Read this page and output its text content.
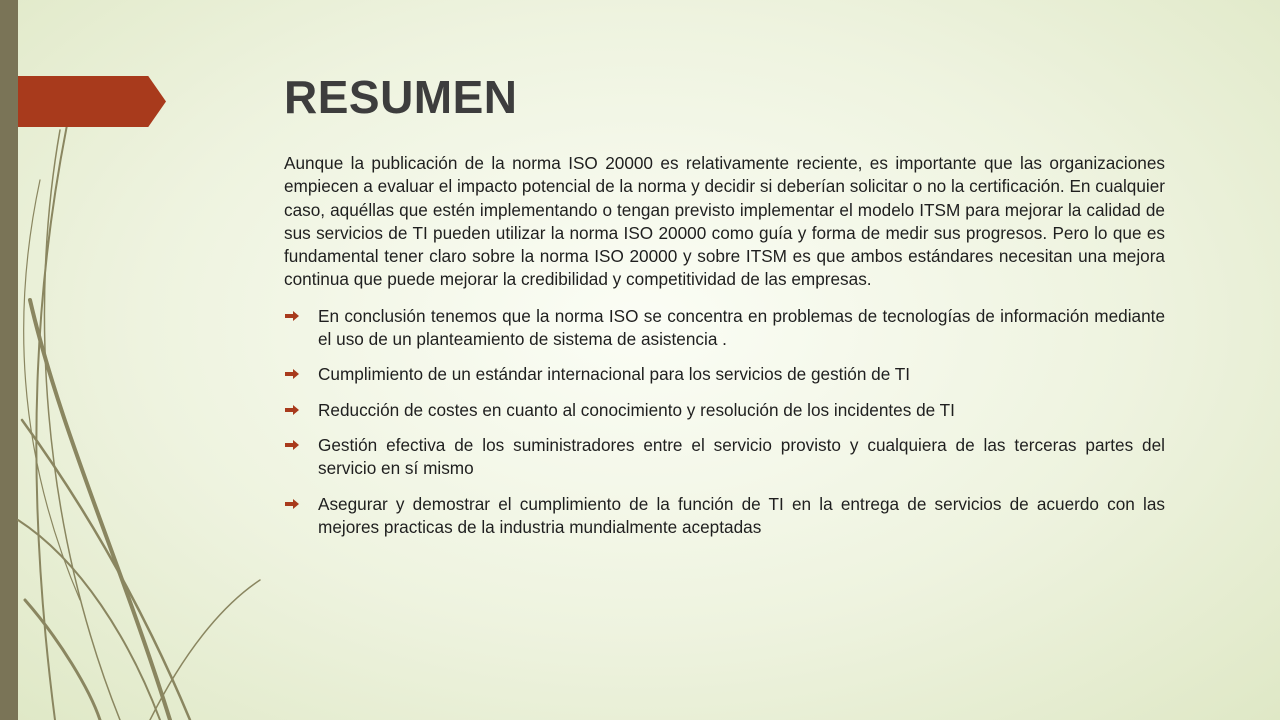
RESUMEN

Aunque la publicación de la norma ISO 20000 es relativamente reciente, es importante que las organizaciones empiecen a evaluar el impacto potencial de la norma y decidir si deberían solicitar o no la certificación. En cualquier caso, aquéllas que estén implementando o tengan previsto implementar el modelo ITSM para mejorar la calidad de sus servicios de TI pueden utilizar la norma ISO 20000 como guía y forma de medir sus progresos. Pero lo que es fundamental tener claro sobre la norma ISO 20000 y sobre ITSM es que ambos estándares necesitan una mejora continua que puede mejorar la credibilidad y competitividad de las empresas.

En conclusión tenemos que la norma ISO se concentra en problemas de tecnologías de información mediante el uso de un planteamiento de sistema de asistencia .
Cumplimiento de un estándar internacional para los servicios de gestión de TI
Reducción de costes en cuanto al conocimiento y resolución de los incidentes de TI
Gestión efectiva de los suministradores entre el servicio provisto y cualquiera de las terceras partes del servicio en sí mismo
Asegurar y demostrar el cumplimiento de la función de TI en la entrega de servicios de acuerdo con las mejores practicas de la industria mundialmente aceptadas
